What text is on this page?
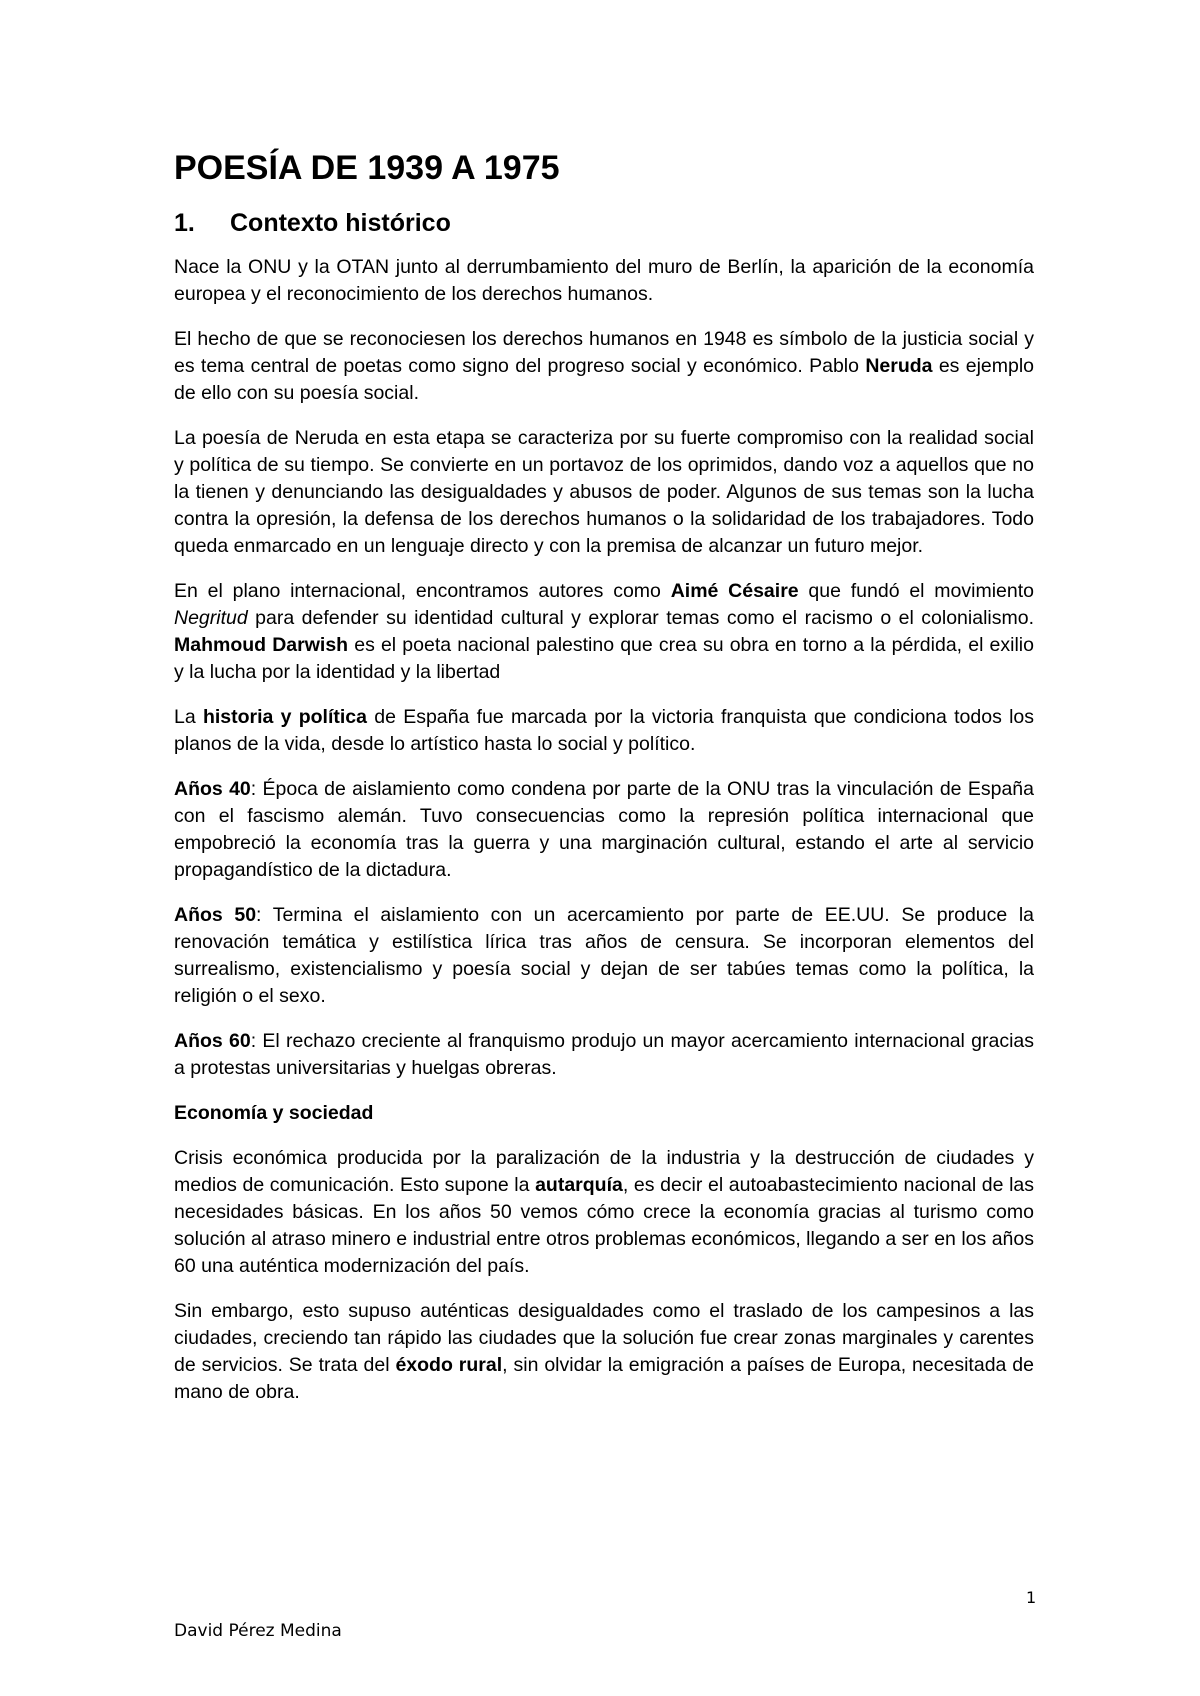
POESÍA DE 1939 A 1975
1.	Contexto histórico

Nace la ONU y la OTAN junto al derrumbamiento del muro de Berlín, la aparición de la economía europea y el reconocimiento de los derechos humanos.

El hecho de que se reconociesen los derechos humanos en 1948 es símbolo de la justicia social y es tema central de poetas como signo del progreso social y económico. Pablo Neruda es ejemplo de ello con su poesía social.

La poesía de Neruda en esta etapa se caracteriza por su fuerte compromiso con la realidad social y política de su tiempo. Se convierte en un portavoz de los oprimidos, dando voz a aquellos que no la tienen y denunciando las desigualdades y abusos de poder. Algunos de sus temas son la lucha contra la opresión, la defensa de los derechos humanos o la solidaridad de los trabajadores. Todo queda enmarcado en un lenguaje directo y con la premisa de alcanzar un futuro mejor.

En el plano internacional, encontramos autores como Aimé Césaire que fundó el movimiento Negritud para defender su identidad cultural y explorar temas como el racismo o el colonialismo. Mahmoud Darwish es el poeta nacional palestino que crea su obra en torno a la pérdida, el exilio y la lucha por la identidad y la libertad

La historia y política de España fue marcada por la victoria franquista que condiciona todos los planos de la vida, desde lo artístico hasta lo social y político.

Años 40: Época de aislamiento como condena por parte de la ONU tras la vinculación de España con el fascismo alemán. Tuvo consecuencias como la represión política internacional que empobreció la economía tras la guerra y una marginación cultural, estando el arte al servicio propagandístico de la dictadura.

Años 50: Termina el aislamiento con un acercamiento por parte de EE.UU. Se produce la renovación temática y estilística lírica tras años de censura. Se incorporan elementos del surrealismo, existencialismo y poesía social y dejan de ser tabúes temas como la política, la religión o el sexo.

Años 60: El rechazo creciente al franquismo produjo un mayor acercamiento internacional gracias a protestas universitarias y huelgas obreras.

Economía y sociedad

Crisis económica producida por la paralización de la industria y la destrucción de ciudades y medios de comunicación. Esto supone la autarquía, es decir el autoabastecimiento nacional de las necesidades básicas. En los años 50 vemos cómo crece la economía gracias al turismo como solución al atraso minero e industrial entre otros problemas económicos, llegando a ser en los años 60 una auténtica modernización del país.

Sin embargo, esto supuso auténticas desigualdades como el traslado de los campesinos a las ciudades, creciendo tan rápido las ciudades que la solución fue crear zonas marginales y carentes de servicios. Se trata del éxodo rural, sin olvidar la emigración a países de Europa, necesitada de mano de obra.

1
David Pérez Medina
